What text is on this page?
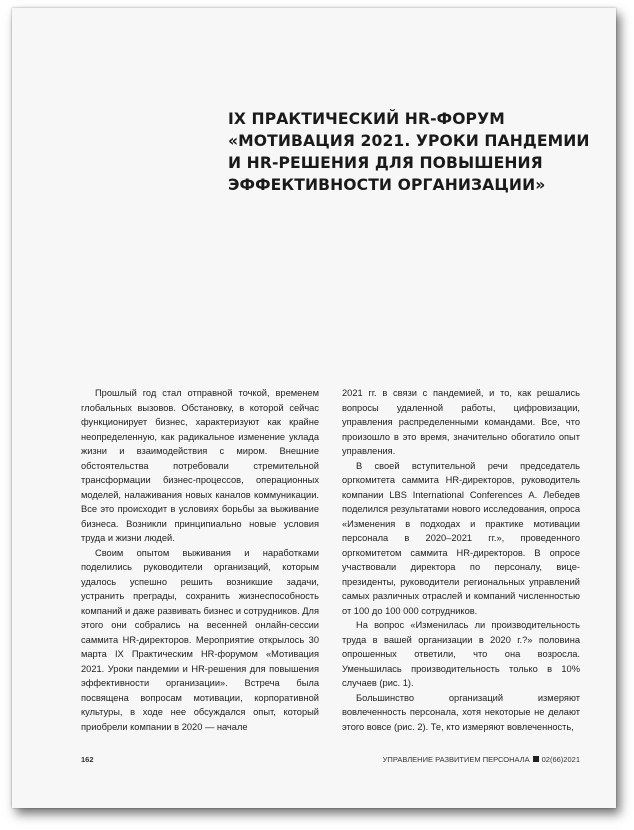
IX ПРАКТИЧЕСКИЙ HR-ФОРУМ «МОТИВАЦИЯ 2021. УРОКИ ПАНДЕМИИ И HR-РЕШЕНИЯ ДЛЯ ПОВЫШЕНИЯ ЭФФЕКТИВНОСТИ ОРГАНИЗАЦИИ»

Прошлый год стал отправной точкой, временем глобальных вызовов. Обстановку, в которой сейчас функционирует бизнес, характеризуют как крайне неопределенную, как радикальное изменение уклада жизни и взаимодействия с миром. Внешние обстоятельства потребовали стремительной трансформации бизнес-процессов, операционных моделей, налаживания новых каналов коммуникации. Все это происходит в условиях борьбы за выживание бизнеса. Возникли принципиально новые условия труда и жизни людей.

Своим опытом выживания и наработками поделились руководители организаций, которым удалось успешно решить возникшие задачи, устранить преграды, сохранить жизнеспособность компаний и даже развивать бизнес и сотрудников. Для этого они собрались на весенней онлайн-сессии саммита HR-директоров. Мероприятие открылось 30 марта IX Практическим HR-форумом «Мотивация 2021. Уроки пандемии и HR-решения для повышения эффективности организации». Встреча была посвящена вопросам мотивации, корпоративной культуры, в ходе нее обсуждался опыт, который приобрели компании в 2020 — начале

2021 гг. в связи с пандемией, и то, как решались вопросы удаленной работы, цифровизации, управления распределенными командами. Все, что произошло в это время, значительно обогатило опыт управления.

В своей вступительной речи председатель оргкомитета саммита HR-директоров, руководитель компании LBS International Conferences А. Лебедев поделился результатами нового исследования, опроса «Изменения в подходах и практике мотивации персонала в 2020–2021 гг.», проведенного оргкомитетом саммита HR-директоров. В опросе участвовали директора по персоналу, вице-президенты, руководители региональных управлений самых различных отраслей и компаний численностью от 100 до 100 000 сотрудников.

На вопрос «Изменилась ли производительность труда в вашей организации в 2020 г.?» половина опрошенных ответили, что она возросла. Уменьшилась производительность только в 10% случаев (рис. 1).

Большинство организаций измеряют вовлеченность персонала, хотя некоторые не делают этого вовсе (рис. 2). Те, кто измеряют вовлеченность,

162	УПРАВЛЕНИЕ РАЗВИТИЕМ ПЕРСОНАЛА 02(66)2021
